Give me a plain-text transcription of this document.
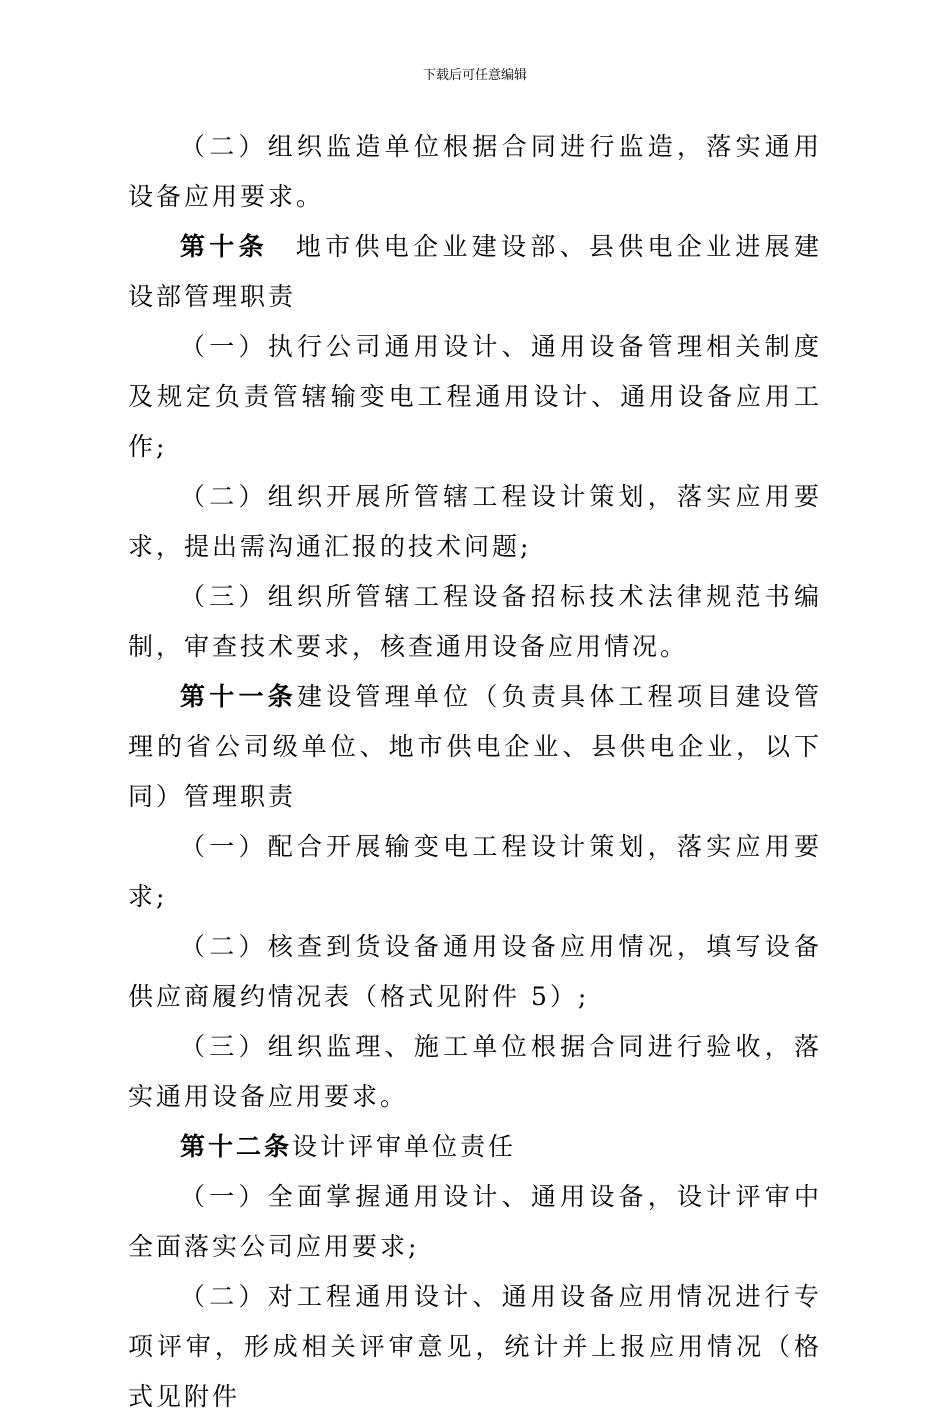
下载后可任意编辑

（二）组织监造单位根据合同进行监造，落实通用设备应用要求。

第十条 地市供电企业建设部、县供电企业进展建设部管理职责

（一）执行公司通用设计、通用设备管理相关制度及规定负责管辖输变电工程通用设计、通用设备应用工作;

（二）组织开展所管辖工程设计策划，落实应用要求，提出需沟通汇报的技术问题;

（三）组织所管辖工程设备招标技术法律规范书编制，审查技术要求，核查通用设备应用情况。

第十一条建设管理单位（负责具体工程项目建设管理的省公司级单位、地市供电企业、县供电企业，以下同）管理职责

（一）配合开展输变电工程设计策划，落实应用要求;

（二）核查到货设备通用设备应用情况，填写设备供应商履约情况表（格式见附件 5）;

（三）组织监理、施工单位根据合同进行验收，落实通用设备应用要求。

第十二条设计评审单位责任

（一）全面掌握通用设计、通用设备，设计评审中全面落实公司应用要求;

（二）对工程通用设计、通用设备应用情况进行专项评审，形成相关评审意见，统计并上报应用情况（格式见附件
